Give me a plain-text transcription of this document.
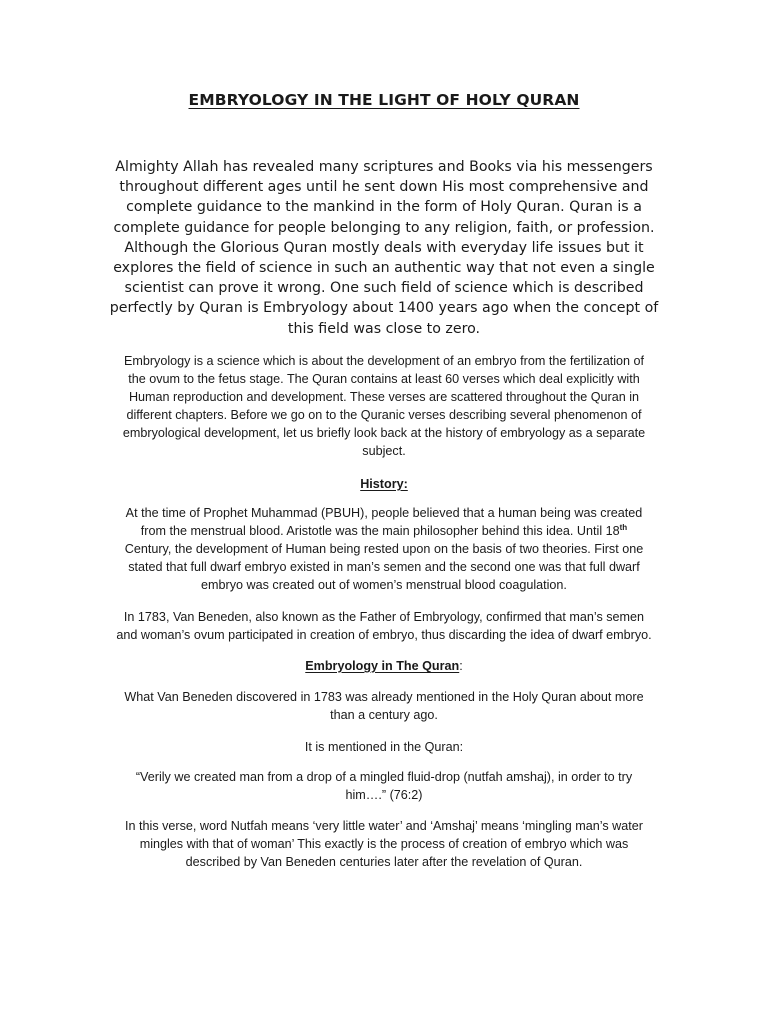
EMBRYOLOGY IN THE LIGHT OF HOLY QURAN

Almighty Allah has revealed many scriptures and Books via his messengers
throughout different ages until he sent down His most comprehensive and
complete guidance to the mankind in the form of Holy Quran. Quran is a
complete guidance for people belonging to any religion, faith, or profession.
Although the Glorious Quran mostly deals with everyday life issues but it
explores the field of science in such an authentic way that not even a single
scientist can prove it wrong. One such field of science which is described
perfectly by Quran is Embryology about 1400 years ago when the concept of
this field was close to zero.

Embryology is a science which is about the development of an embryo from the fertilization of
the ovum to the fetus stage. The Quran contains at least 60 verses which deal explicitly with
Human reproduction and development. These verses are scattered throughout the Quran in
different chapters. Before we go on to the Quranic verses describing several phenomenon of
embryological development, let us briefly look back at the history of embryology as a separate
subject.

History:

At the time of Prophet Muhammad (PBUH), people believed that a human being was created
from the menstrual blood. Aristotle was the main philosopher behind this idea. Until 18th
Century, the development of Human being rested upon on the basis of two theories. First one
stated that full dwarf embryo existed in man’s semen and the second one was that full dwarf
embryo was created out of women’s menstrual blood coagulation.

In 1783, Van Beneden, also known as the Father of Embryology, confirmed that man’s semen
and woman’s ovum participated in creation of embryo, thus discarding the idea of dwarf embryo.

Embryology in The Quran:

What Van Beneden discovered in 1783 was already mentioned in the Holy Quran about more
than a century ago.

It is mentioned in the Quran:

“Verily we created man from a drop of a mingled fluid-drop (nutfah amshaj), in order to try
him….” (76:2)

In this verse, word Nutfah means ‘very little water’ and ‘Amshaj’ means ‘mingling man’s water
mingles with that of woman’ This exactly is the process of creation of embryo which was
described by Van Beneden centuries later after the revelation of Quran.
